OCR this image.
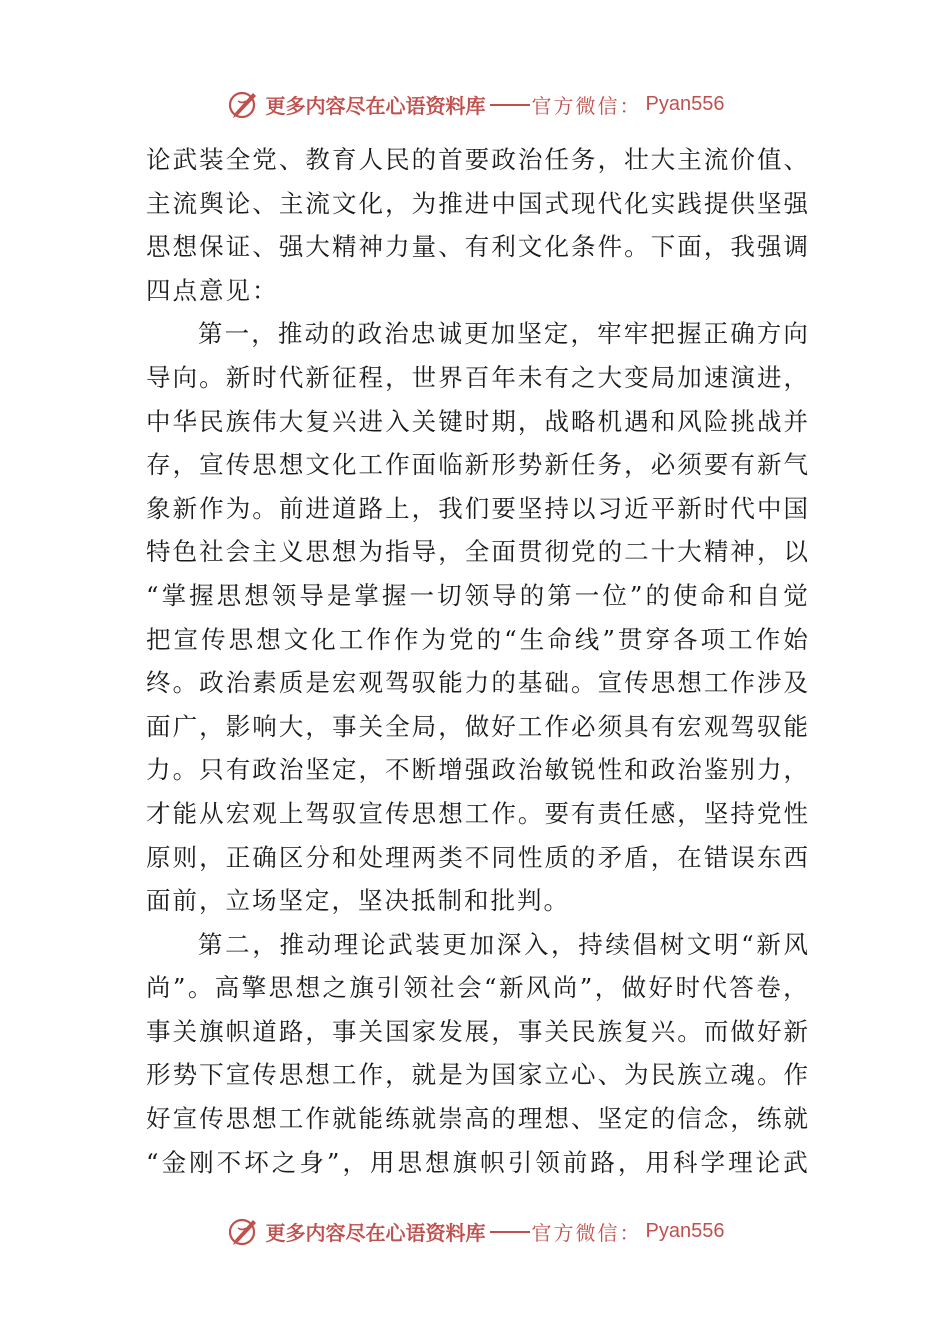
更多内容尽在心语资料库 官方微信： Pyan556
论 武 装 全 党 、 教 育 人 民 的 首 要 政 治 任 务 ， 壮 大 主 流 价 值 、
主 流 舆 论 、 主 流 文 化 ， 为 推 进 中 国 式 现 代 化 实 践 提 供 坚 强
思 想 保 证 、 强 大 精 神 力 量 、 有 利 文 化 条 件 。 下 面 ， 我 强 调
四点意见：
第 一 ， 推 动 的 政 治 忠 诚 更 加 坚 定 ， 牢 牢 把 握 正 确 方 向
导 向 。 新 时 代 新 征 程 ， 世 界 百 年 未 有 之 大 变 局 加 速 演 进 ，
中 华 民 族 伟 大 复 兴 进 入 关 键 时 期 ， 战 略 机 遇 和 风 险 挑 战 并
存 ， 宣 传 思 想 文 化 工 作 面 临 新 形 势 新 任 务 ， 必 须 要 有 新 气
象 新 作 为 。 前 进 道 路 上 ， 我 们 要 坚 持 以 习 近 平 新 时 代 中 国
特 色 社 会 主 义 思 想 为 指 导 ， 全 面 贯 彻 党 的 二 十 大 精 神 ， 以
“ 掌 握 思 想 领 导 是 掌 握 一 切 领 导 的 第 一 位 ” 的 使 命 和 自 觉
把 宣 传 思 想 文 化 工 作 作 为 党 的 “ 生 命 线 ” 贯 穿 各 项 工 作 始
终 。 政 治 素 质 是 宏 观 驾 驭 能 力 的 基 础 。 宣 传 思 想 工 作 涉 及
面 广 ， 影 响 大 ， 事 关 全 局 ， 做 好 工 作 必 须 具 有 宏 观 驾 驭 能
力 。 只 有 政 治 坚 定 ， 不 断 增 强 政 治 敏 锐 性 和 政 治 鉴 别 力 ，
才 能 从 宏 观 上 驾 驭 宣 传 思 想 工 作 。 要 有 责 任 感 ， 坚 持 党 性
原 则 ， 正 确 区 分 和 处 理 两 类 不 同 性 质 的 矛 盾 ， 在 错 误 东 西
面前，立场坚定，坚决抵制和批判。
第 二 ， 推 动 理 论 武 装 更 加 深 入 ， 持 续 倡 树 文 明 “ 新 风
尚 ” 。 高 擎 思 想 之 旗 引 领 社 会 “ 新 风 尚 ” ， 做 好 时 代 答 卷 ，
事 关 旗 帜 道 路 ， 事 关 国 家 发 展 ， 事 关 民 族 复 兴 。 而 做 好 新
形 势 下 宣 传 思 想 工 作 ， 就 是 为 国 家 立 心 、 为 民 族 立 魂 。 作
好 宣 传 思 想 工 作 就 能 练 就 崇 高 的 理 想 、 坚 定 的 信 念 ， 练 就
“ 金 刚 不 坏 之 身 ” ， 用 思 想 旗 帜 引 领 前 路 ， 用 科 学 理 论 武
更多内容尽在心语资料库 官方微信： Pyan556
